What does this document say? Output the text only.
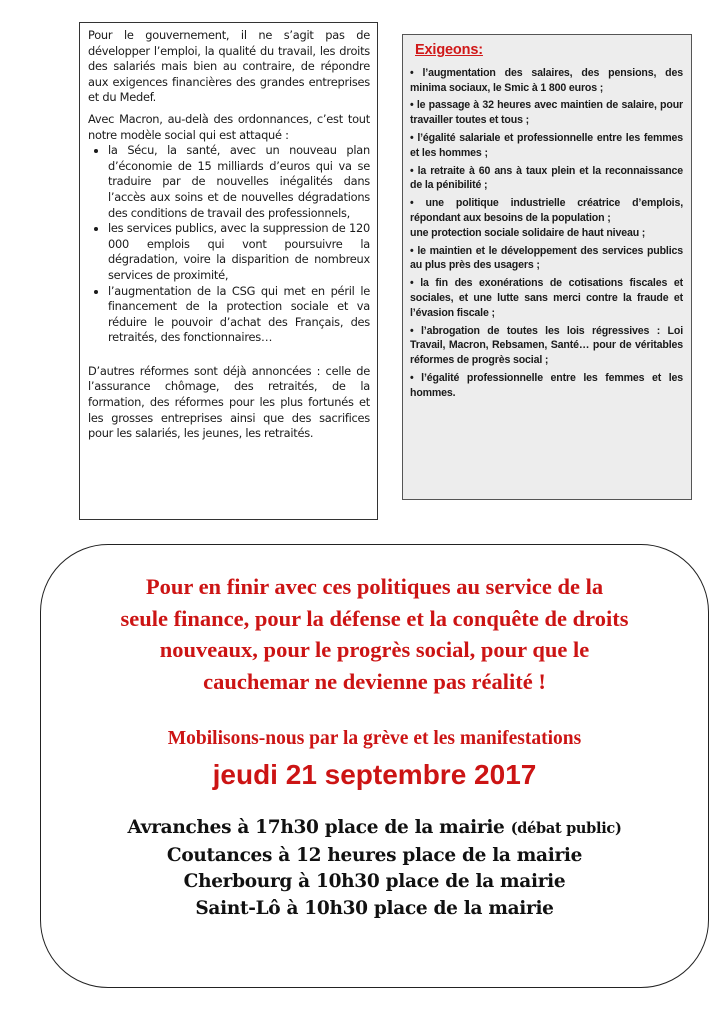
Pour le gouvernement, il ne s’agit pas de développer l’emploi, la qualité du travail, les droits des salariés mais bien au contraire, de répondre aux exigences financières des grandes entreprises et du Medef.

Avec Macron, au-delà des ordonnances, c’est tout notre modèle social qui est attaqué :

• la Sécu, la santé, avec un nouveau plan d’économie de 15 milliards d’euros qui va se traduire par de nouvelles inégalités dans l’accès aux soins et de nouvelles dégradations des conditions de travail des professionnels,
• les services publics, avec la suppression de 120 000 emplois qui vont poursuivre la dégradation, voire la disparition de nombreux services de proximité,
• l’augmentation de la CSG qui met en péril le financement de la protection sociale et va réduire le pouvoir d’achat des Français, des retraités, des fonctionnaires…

D’autres réformes sont déjà annoncées : celle de l’assurance chômage, des retraités, de la formation, des réformes pour les plus fortunés et les grosses entreprises ainsi que des sacrifices pour les salariés, les jeunes, les retraités.

Exigeons:
• l’augmentation des salaires, des pensions, des minima sociaux, le Smic à 1 800 euros ;
• le passage à 32 heures avec maintien de salaire, pour travailler toutes et tous ;
• l’égalité salariale et professionnelle entre les femmes et les hommes ;
• la retraite à 60 ans à taux plein et la reconnaissance de la pénibilité ;
• une politique industrielle créatrice d’emplois, répondant aux besoins de la population ;
une protection sociale solidaire de haut niveau ;
• le maintien et le développement des services publics au plus près des usagers ;
• la fin des exonérations de cotisations fiscales et sociales, et une lutte sans merci contre la fraude et l’évasion fiscale ;
• l’abrogation de toutes les lois régressives : Loi Travail, Macron, Rebsamen, Santé… pour de véritables réformes de progrès social ;
• l’égalité professionnelle entre les femmes et les hommes.
Pour en finir avec ces politiques au service de la
seule finance, pour la défense et la conquête de droits
nouveaux, pour le progrès social, pour que le
cauchemar ne devienne pas réalité !
Mobilisons-nous par la grève et les manifestations
jeudi 21 septembre 2017
Avranches à 17h30 place de la mairie (débat public)
Coutances à 12 heures place de la mairie
Cherbourg à 10h30 place de la mairie
Saint-Lô à 10h30 place de la mairie
